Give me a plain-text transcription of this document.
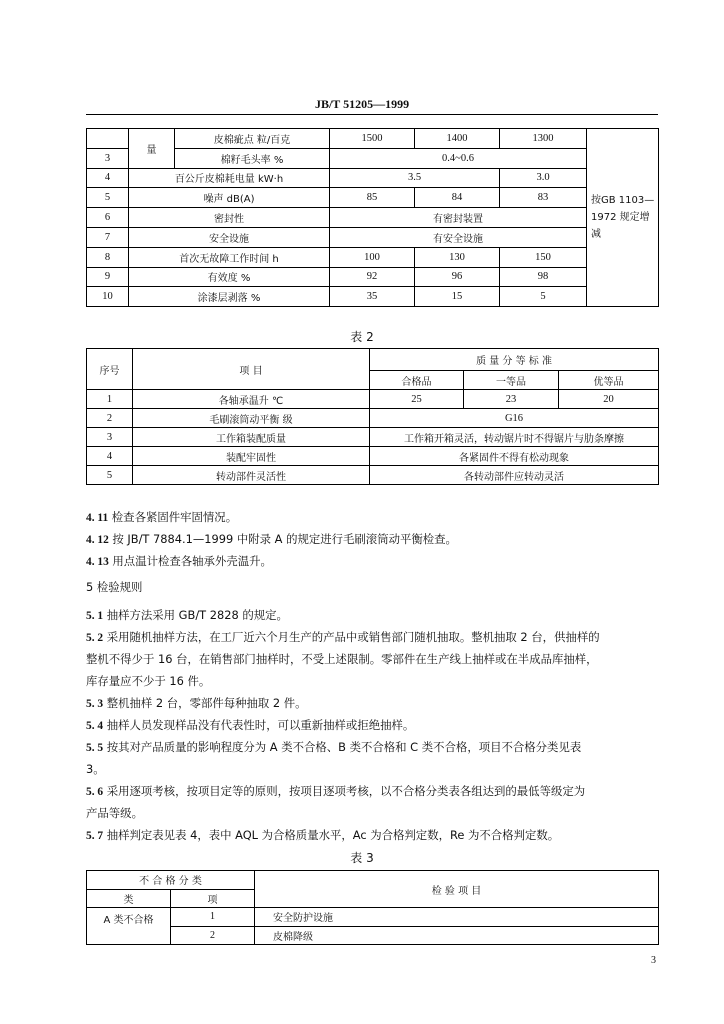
JB/T 51205—1999
	量	皮棉疵点 粒/百克	1500	1400	1300	按GB 1103—1972 规定增减
3		棉籽毛头率 %	0.4~0.6			
4	百公斤皮棉耗电量 kW·h		3.5		3.0	
5	噪声 dB(A)		85	84	83	
6	密封性		有密封装置			
7	安全设施		有安全设施			
8	首次无故障工作时间 h		100	130	150	
9	有效度 %		92	96	98	
10	涂漆层剥落 %		35	15	5	
表 2
序号	项 目	质 量 分 等 标 准		
		合格品	一等品	优等品
1	各轴承温升 ℃	25	23	20
2	毛刷滚筒动平衡 级	G16		
3	工作箱装配质量	工作箱开箱灵活，转动锯片时不得锯片与肋条摩擦		
4	装配牢固性	各紧固件不得有松动现象		
5	转动部件灵活性	各转动部件应转动灵活		
4. 11 检查各紧固件牢固情况。
4. 12 按 JB/T 7884.1—1999 中附录 A 的规定进行毛刷滚筒动平衡检查。
4. 13 用点温计检查各轴承外壳温升。
5 检验规则
5. 1 抽样方法采用 GB/T 2828 的规定。
5. 2 采用随机抽样方法，在工厂近六个月生产的产品中或销售部门随机抽取。整机抽取 2 台，供抽样的
整机不得少于 16 台，在销售部门抽样时，不受上述限制。零部件在生产线上抽样或在半成品库抽样，
库存量应不少于 16 件。
5. 3 整机抽样 2 台，零部件每种抽取 2 件。
5. 4 抽样人员发现样品没有代表性时，可以重新抽样或拒绝抽样。
5. 5 按其对产品质量的影响程度分为 A 类不合格、B 类不合格和 C 类不合格，项目不合格分类见表
3。
5. 6 采用逐项考核，按项目定等的原则，按项目逐项考核，以不合格分类表各组达到的最低等级定为
产品等级。
5. 7 抽样判定表见表 4，表中 AQL 为合格质量水平，Ac 为合格判定数，Re 为不合格判定数。
表 3
不 合 格 分 类		检 验 项 目
类	项	
A 类不合格	1	安全防护设施
	2	皮棉降级
3
